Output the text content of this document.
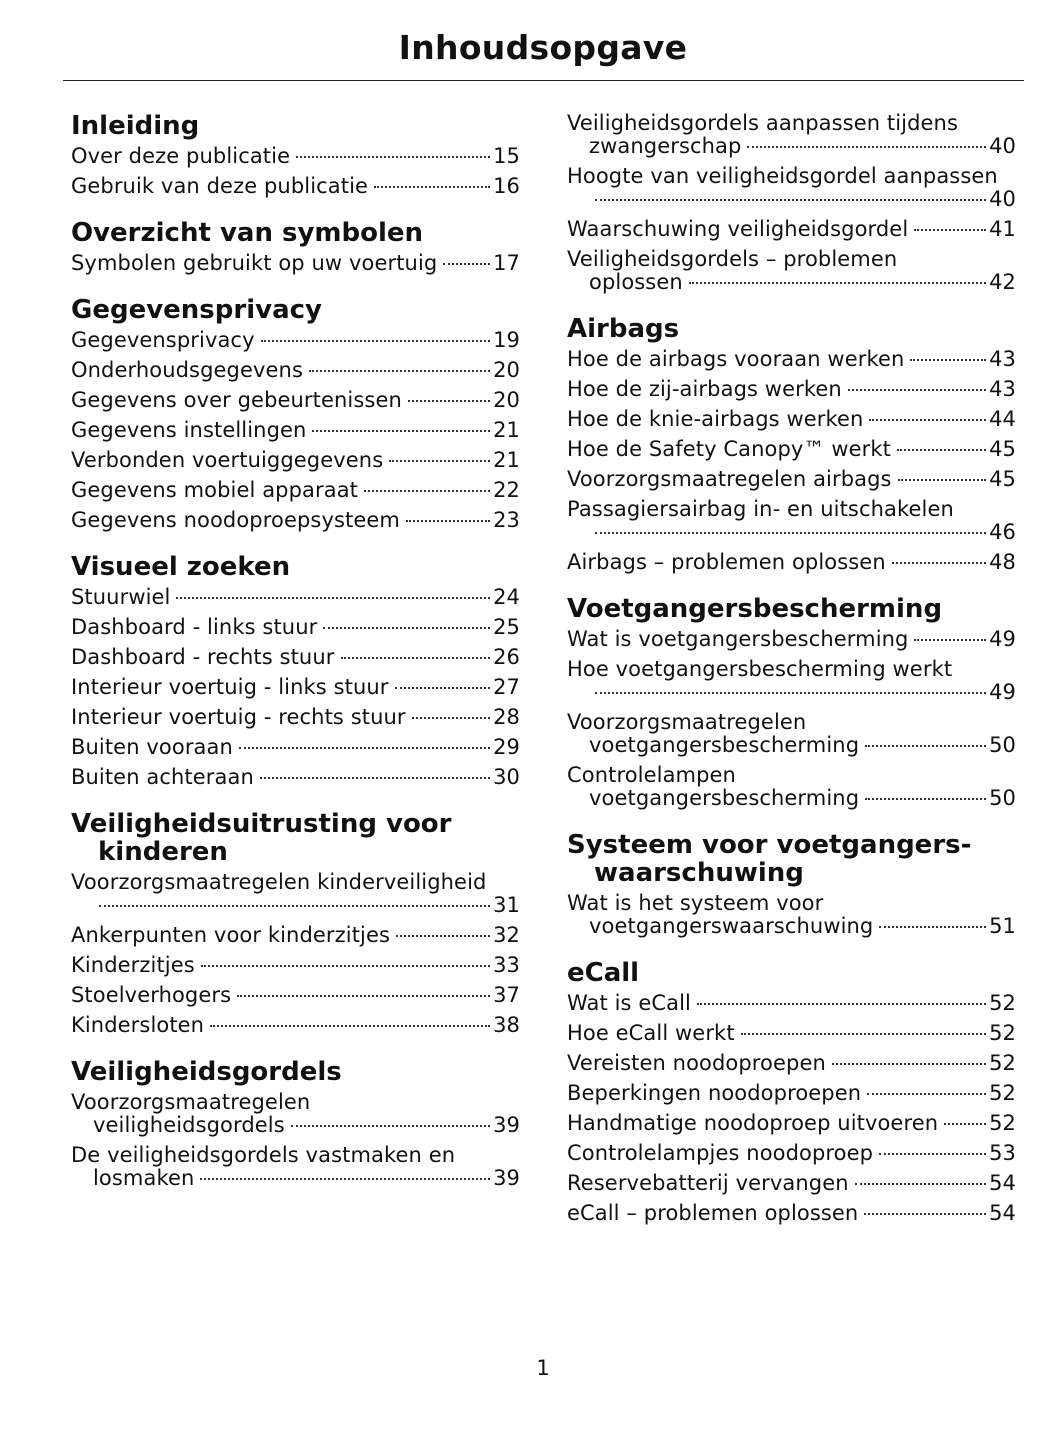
Inhoudsopgave
Inleiding
Over deze publicatie	15
Gebruik van deze publicatie	16
Overzicht van symbolen
Symbolen gebruikt op uw voertuig	17
Gegevensprivacy
Gegevensprivacy	19
Onderhoudsgegevens	20
Gegevens over gebeurtenissen	20
Gegevens instellingen	21
Verbonden voertuiggegevens	21
Gegevens mobiel apparaat	22
Gegevens noodoproepsysteem	23
Visueel zoeken
Stuurwiel	24
Dashboard - links stuur	25
Dashboard - rechts stuur	26
Interieur voertuig - links stuur	27
Interieur voertuig - rechts stuur	28
Buiten vooraan	29
Buiten achteraan	30
Veiligheidsuitrusting voor kinderen
Voorzorgsmaatregelen kinderveiligheid
31
Ankerpunten voor kinderzitjes	32
Kinderzitjes	33
Stoelverhogers	37
Kindersloten	38
Veiligheidsgordels
Voorzorgsmaatregelen
veiligheidsgordels	39
De veiligheidsgordels vastmaken en
losmaken	39
Veiligheidsgordels aanpassen tijdens
zwangerschap	40
Hoogte van veiligheidsgordel aanpassen
40
Waarschuwing veiligheidsgordel	41
Veiligheidsgordels – problemen
oplossen	42
Airbags
Hoe de airbags vooraan werken	43
Hoe de zij-airbags werken	43
Hoe de knie-airbags werken	44
Hoe de Safety Canopy™ werkt	45
Voorzorgsmaatregelen airbags	45
Passagiersairbag in- en uitschakelen
46
Airbags – problemen oplossen	48
Voetgangersbescherming
Wat is voetgangersbescherming	49
Hoe voetgangersbescherming werkt
49
Voorzorgsmaatregelen
voetgangersbescherming	50
Controlelampen
voetgangersbescherming	50
Systeem voor voetgangers-waarschuwing
Wat is het systeem voor
voetgangerswaarschuwing	51
eCall
Wat is eCall	52
Hoe eCall werkt	52
Vereisten noodoproepen	52
Beperkingen noodoproepen	52
Handmatige noodoproep uitvoeren 52
Controlelampjes noodoproep	53
Reservebatterij vervangen	54
eCall – problemen oplossen	54
1
